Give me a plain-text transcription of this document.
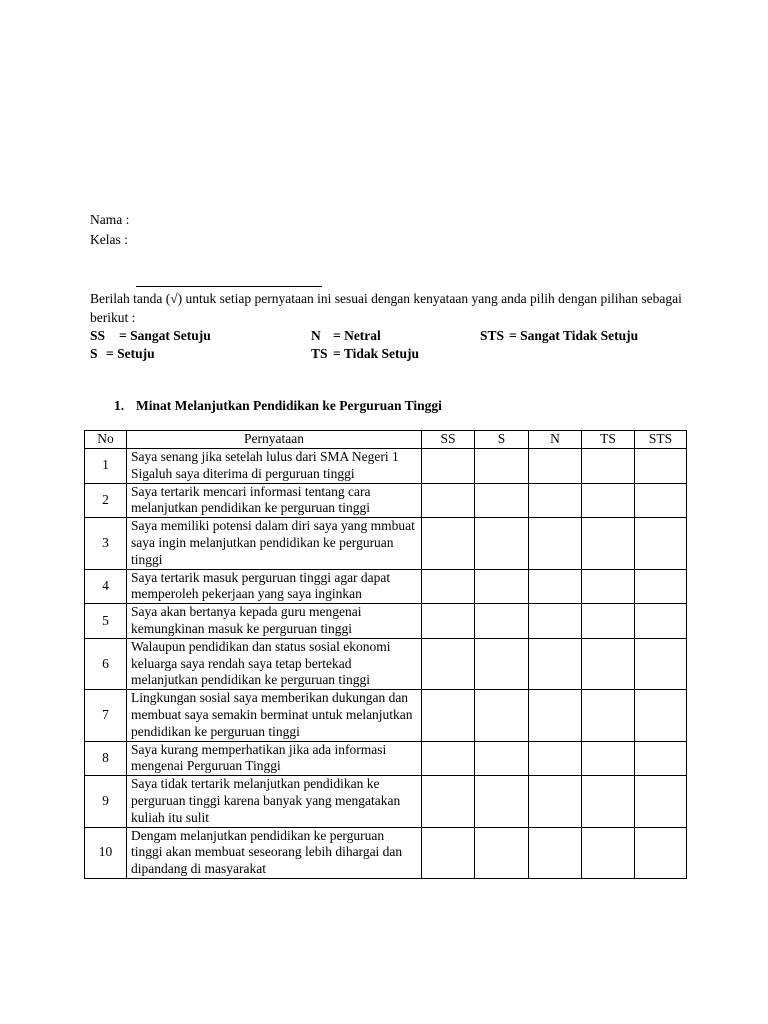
Nama :
Kelas :
Berilah tanda (√) untuk setiap pernyataan ini sesuai dengan kenyataan yang anda pilih dengan pilihan sebagai berikut :
SS = Sangat Setuju
S = Setuju
N = Netral
TS = Tidak Setuju
STS = Sangat Tidak Setuju
1. Minat Melanjutkan Pendidikan ke Perguruan Tinggi
No	Pernyataan	SS	S	N	TS	STS
1	Saya senang jika setelah lulus dari SMA Negeri 1 Sigaluh saya diterima di perguruan tinggi					
2	Saya tertarik mencari informasi tentang cara melanjutkan pendidikan ke perguruan tinggi					
3	Saya memiliki potensi dalam diri saya yang mmbuat saya ingin melanjutkan pendidikan ke perguruan tinggi					
4	Saya tertarik masuk perguruan tinggi agar dapat memperoleh pekerjaan yang saya inginkan					
5	Saya akan bertanya kepada guru mengenai kemungkinan masuk ke perguruan tinggi					
6	Walaupun pendidikan dan status sosial ekonomi keluarga saya rendah saya tetap bertekad melanjutkan pendidikan ke perguruan tinggi					
7	Lingkungan sosial saya memberikan dukungan dan membuat saya semakin berminat untuk melanjutkan pendidikan ke perguruan tinggi					
8	Saya kurang memperhatikan jika ada informasi mengenai Perguruan Tinggi					
9	Saya tidak tertarik melanjutkan pendidikan ke perguruan tinggi karena banyak yang mengatakan kuliah itu sulit					
10	Dengam melanjutkan pendidikan ke perguruan tinggi akan membuat seseorang lebih dihargai dan dipandang di masyarakat					
